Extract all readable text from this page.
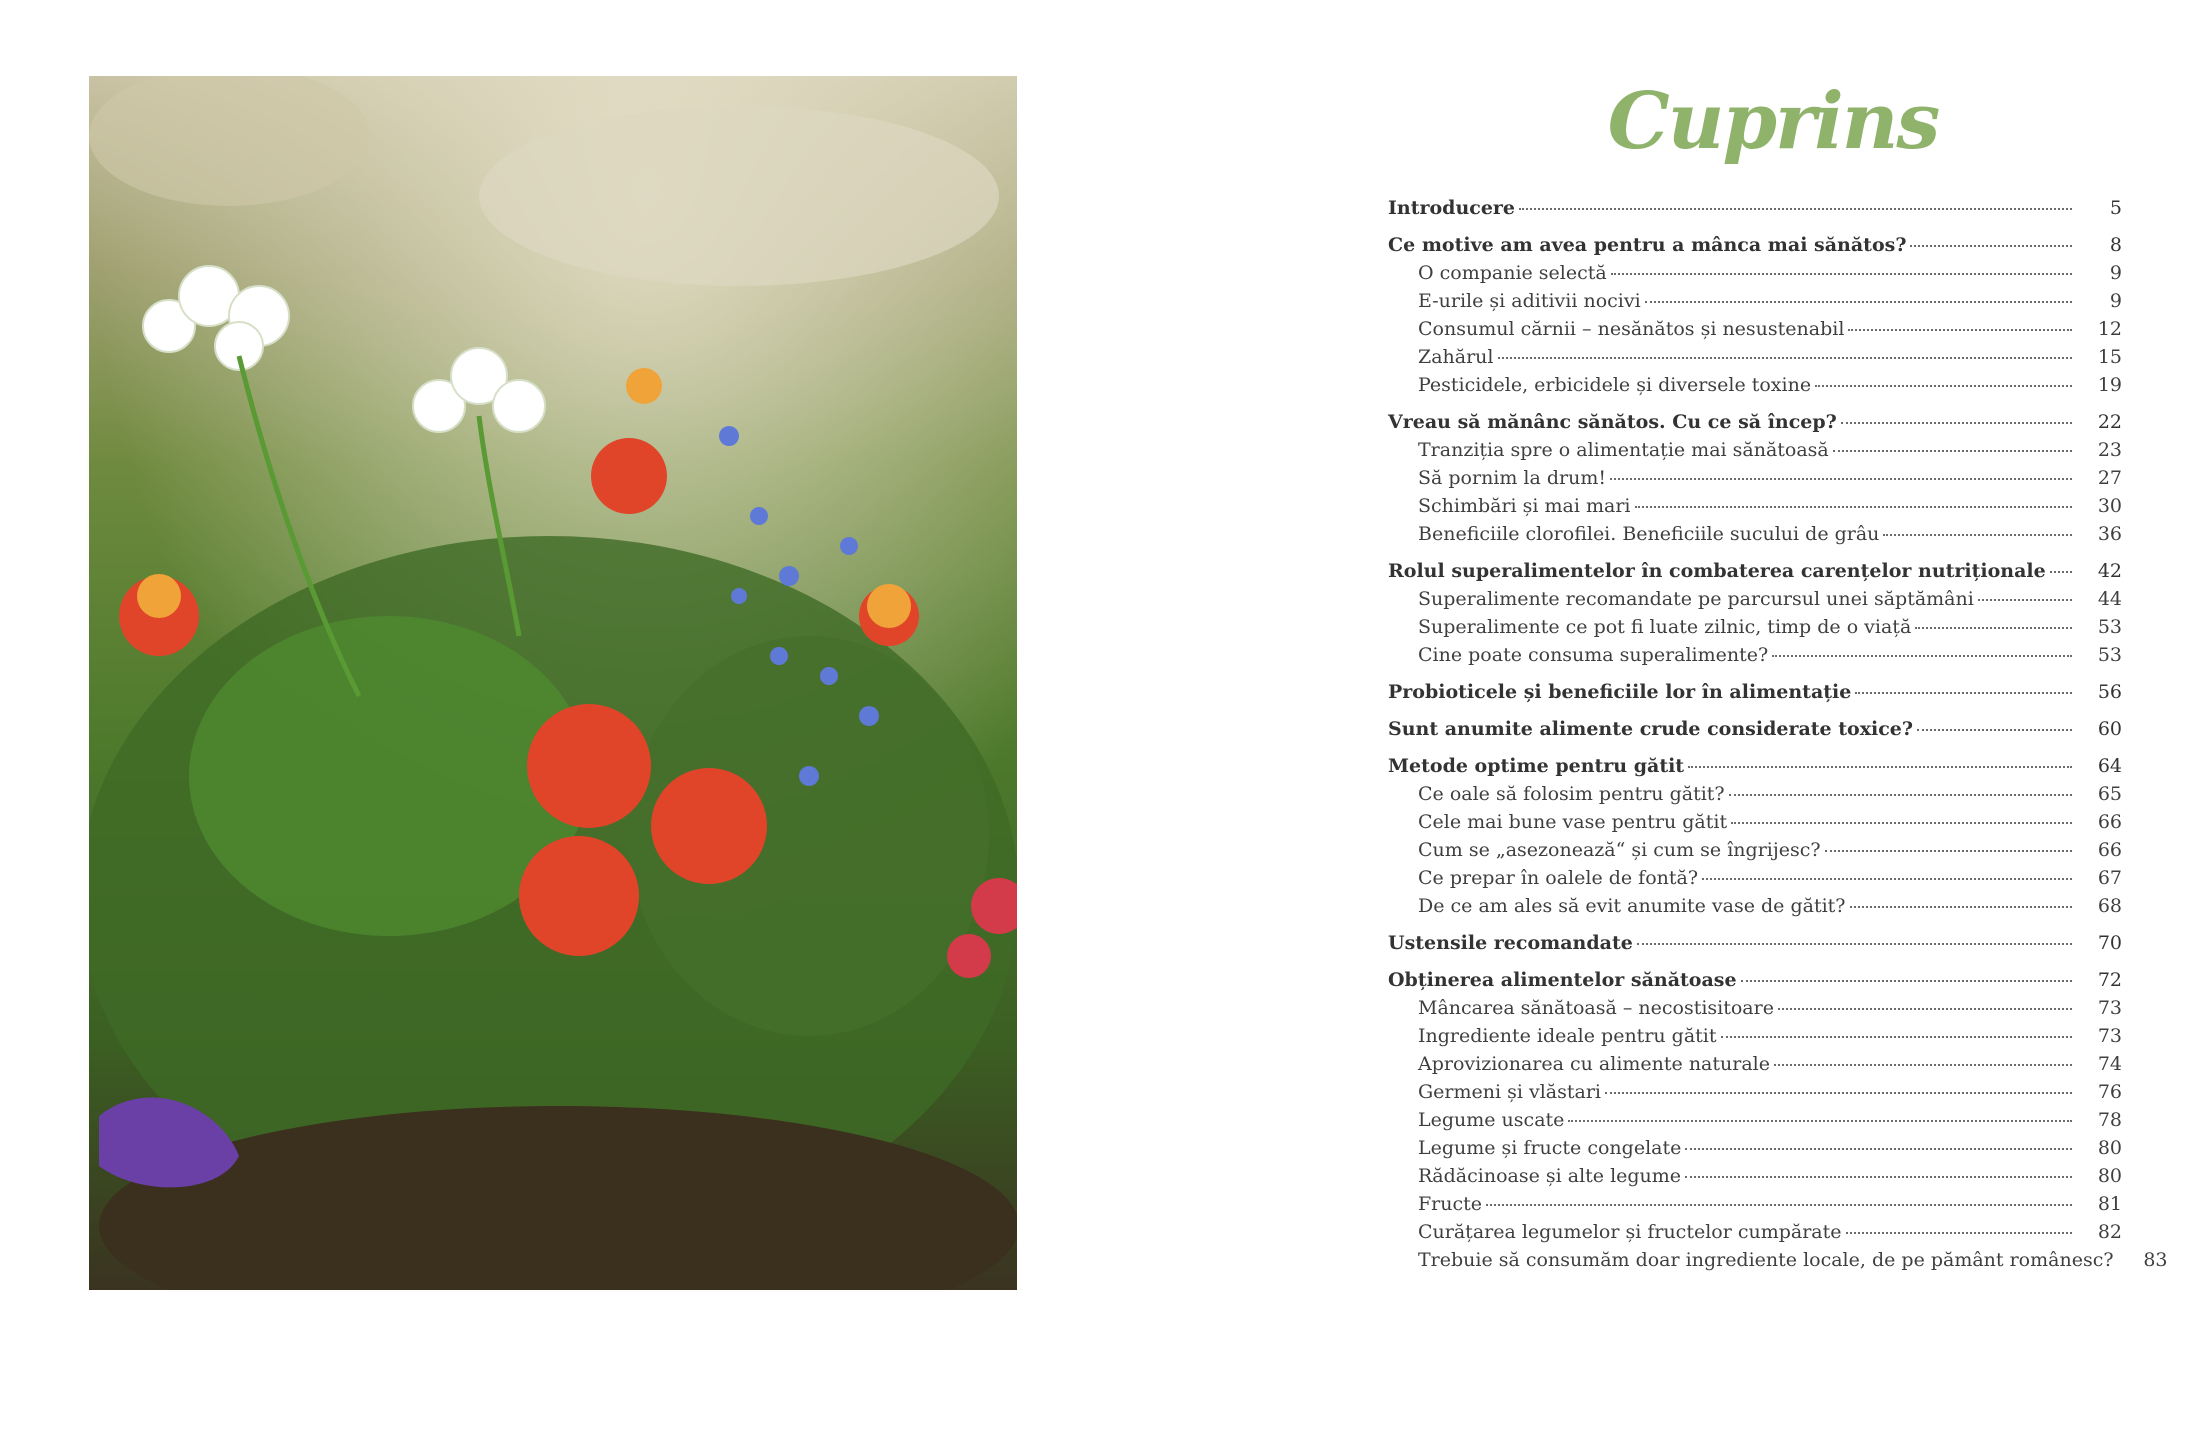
Cuprins
Introducere	5
Ce motive am avea pentru a mânca mai sănătos?	8
O companie selectă	9
E-urile și aditivii nocivi	9
Consumul cărnii – nesănătos și nesustenabil	12
Zahărul	15
Pesticidele, erbicidele și diversele toxine	19
Vreau să mănânc sănătos. Cu ce să încep?	22
Tranziția spre o alimentație mai sănătoasă	23
Să pornim la drum!	27
Schimbări și mai mari	30
Beneficiile clorofilei. Beneficiile sucului de grâu	36
Rolul superalimentelor în combaterea carențelor nutriționale	42
Superalimente recomandate pe parcursul unei săptămâni	44
Superalimente ce pot fi luate zilnic, timp de o viață	53
Cine poate consuma superalimente?	53
Probioticele și beneficiile lor în alimentație	56
Sunt anumite alimente crude considerate toxice?	60
Metode optime pentru gătit	64
Ce oale să folosim pentru gătit?	65
Cele mai bune vase pentru gătit	66
Cum se „asezonează“ și cum se îngrijesc?	66
Ce prepar în oalele de fontă?	67
De ce am ales să evit anumite vase de gătit?	68
Ustensile recomandate	70
Obținerea alimentelor sănătoase	72
Mâncarea sănătoasă – necostisitoare	73
Ingrediente ideale pentru gătit	73
Aprovizionarea cu alimente naturale	74
Germeni și vlăstari	76
Legume uscate	78
Legume și fructe congelate	80
Rădăcinoase și alte legume	80
Fructe	81
Curățarea legumelor și fructelor cumpărate	82
Trebuie să consumăm doar ingrediente locale, de pe pământ românesc?	83
